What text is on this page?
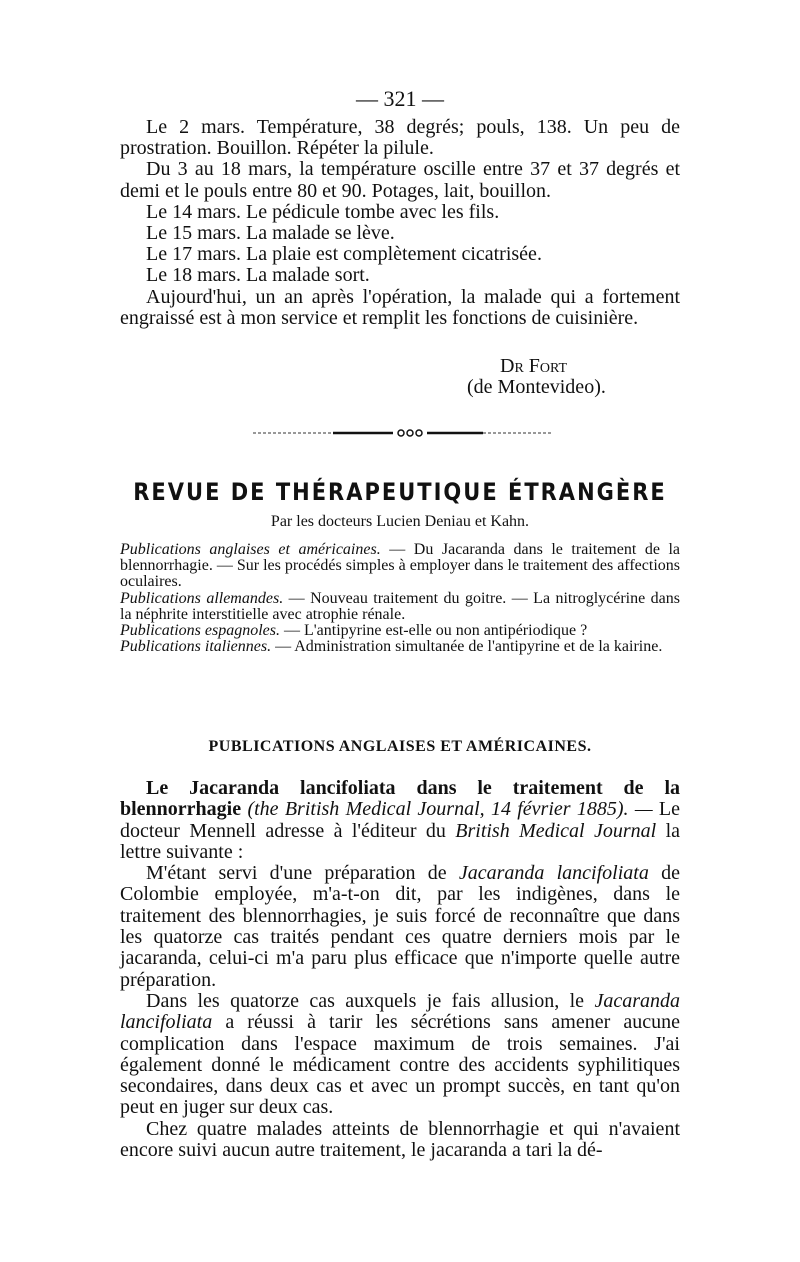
— 321 —

Le 2 mars. Température, 38 degrés; pouls, 138. Un peu de prostration. Bouillon. Répéter la pilule.

Du 3 au 18 mars, la température oscille entre 37 et 37 degrés et demi et le pouls entre 80 et 90. Potages, lait, bouillon.

Le 14 mars. Le pédicule tombe avec les fils.

Le 15 mars. La malade se lève.

Le 17 mars. La plaie est complètement cicatrisée.

Le 18 mars. La malade sort.

Aujourd'hui, un an après l'opération, la malade qui a fortement engraissé est à mon service et remplit les fonctions de cuisinière.

Dr Fort
(de Montevideo).
REVUE DE THÉRAPEUTIQUE ÉTRANGÈRE
Par les docteurs Lucien Deniau et Kahn.

Publications anglaises et américaines. — Du Jacaranda dans le traitement de la blennorrhagie. — Sur les procédés simples à employer dans le traitement des affections oculaires.

Publications allemandes. — Nouveau traitement du goitre. — La nitroglycérine dans la néphrite interstitielle avec atrophie rénale.

Publications espagnoles. — L'antipyrine est-elle ou non antipériodique ?

Publications italiennes. — Administration simultanée de l'antipyrine et de la kairine.

PUBLICATIONS ANGLAISES ET AMÉRICAINES.

Le Jacaranda lancifoliata dans le traitement de la blennorrhagie (the British Medical Journal, 14 février 1885). — Le docteur Mennell adresse à l'éditeur du British Medical Journal la lettre suivante :

M'étant servi d'une préparation de Jacaranda lancifoliata de Colombie employée, m'a-t-on dit, par les indigènes, dans le traitement des blennorrhagies, je suis forcé de reconnaître que dans les quatorze cas traités pendant ces quatre derniers mois par le jacaranda, celui-ci m'a paru plus efficace que n'importe quelle autre préparation.

Dans les quatorze cas auxquels je fais allusion, le Jacaranda lancifoliata a réussi à tarir les sécrétions sans amener aucune complication dans l'espace maximum de trois semaines. J'ai également donné le médicament contre des accidents syphilitiques secondaires, dans deux cas et avec un prompt succès, en tant qu'on peut en juger sur deux cas.

Chez quatre malades atteints de blennorrhagie et qui n'avaient encore suivi aucun autre traitement, le jacaranda a tari la dé-
